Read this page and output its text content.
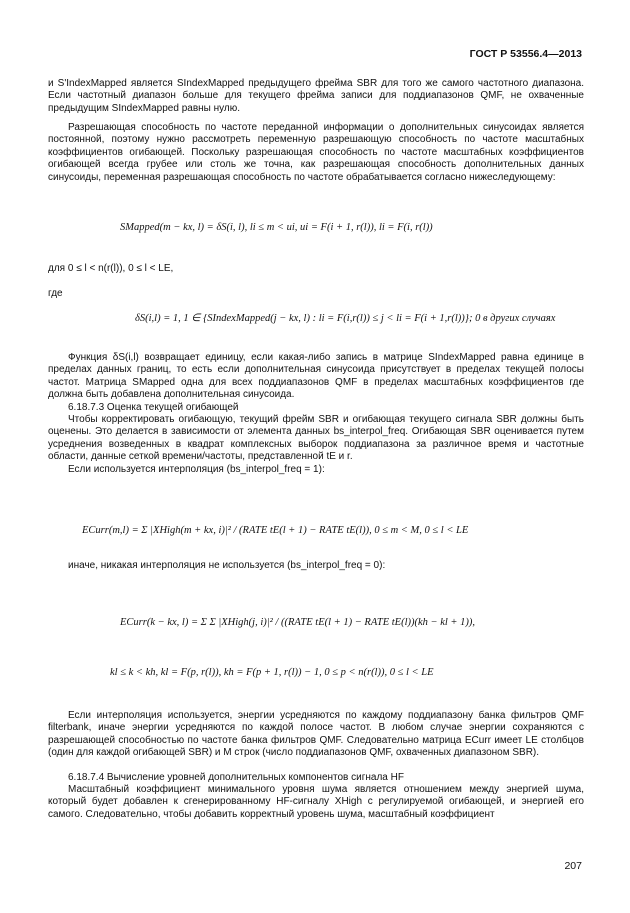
ГОСТ Р 53556.4—2013
и S'IndexMapped является SIndexMapped предыдущего фрейма SBR для того же самого частотного диапазона. Если частотный диапазон больше для текущего фрейма записи для поддиапазонов QMF, не охваченные предыдущим SIndexMapped равны нулю.
Разрешающая способность по частоте переданной информации о дополнительных синусоидах является постоянной, поэтому нужно рассмотреть переменную разрешающую способность по частоте масштабных коэффициентов огибающей. Поскольку разрешающая способность по частоте масштабных коэффициентов огибающей всегда грубее или столь же точна, как разрешающая способность дополнительных данных синусоиды, переменная разрешающая способность по частоте обрабатывается согласно нижеследующему:
SMapped(m − kx, l) = δS(i, l), li ≤ m < ui, ui = F(i + 1, r(l)), li = F(i, r(l))
для 0 ≤ l < n(r(l)), 0 ≤ l < LE,
где
δS(i,l) = 1, 1 ∈ {SIndexMapped(j − kx, l) : li = F(i,r(l)) ≤ j < li = F(i + 1,r(l))}; 0 в других случаях
Функция δS(i,l) возвращает единицу, если какая-либо запись в матрице SIndexMapped равна единице в пределах данных границ, то есть если дополнительная синусоида присутствует в пределах текущей полосы частот. Матрица SMapped одна для всех поддиапазонов QMF в пределах масштабных коэффициентов где должна быть добавлена дополнительная синусоида.
6.18.7.3 Оценка текущей огибающей
Чтобы корректировать огибающую, текущий фрейм SBR и огибающая текущего сигнала SBR должны быть оценены. Это делается в зависимости от элемента данных bs_interpol_freq. Огибающая SBR оценивается путем усреднения возведенных в квадрат комплексных выборок поддиапазона за различное время и частотные области, данные сеткой времени/частоты, представленной tE и r.
Если используется интерполяция (bs_interpol_freq = 1):
ECurr(m,l) = Σ |XHigh(m + kx, i)|² / (RATE tE(l + 1) − RATE tE(l)), 0 ≤ m < M, 0 ≤ l < LE
иначе, никакая интерполяция не используется (bs_interpol_freq = 0):
ECurr(k − kx, l) = Σ Σ |XHigh(j, i)|² / ((RATE tE(l + 1) − RATE tE(l))(kh − kl + 1)),
kl ≤ k < kh, kl = F(p, r(l)), kh = F(p + 1, r(l)) − 1, 0 ≤ p < n(r(l)), 0 ≤ l < LE
Если интерполяция используется, энергии усредняются по каждому поддиапазону банка фильтров QMF filterbank, иначе энергии усредняются по каждой полосе частот. В любом случае энергии сохраняются с разрешающей способностью по частоте банка фильтров QMF. Следовательно матрица ECurr имеет LE столбцов (один для каждой огибающей SBR) и M строк (число поддиапазонов QMF, охваченных диапазоном SBR).
6.18.7.4 Вычисление уровней дополнительных компонентов сигнала HF
Масштабный коэффициент минимального уровня шума является отношением между энергией шума, который будет добавлен к сгенерированному HF-сигналу XHigh с регулируемой огибающей, и энергией его самого. Следовательно, чтобы добавить корректный уровень шума, масштабный коэффициент
207
